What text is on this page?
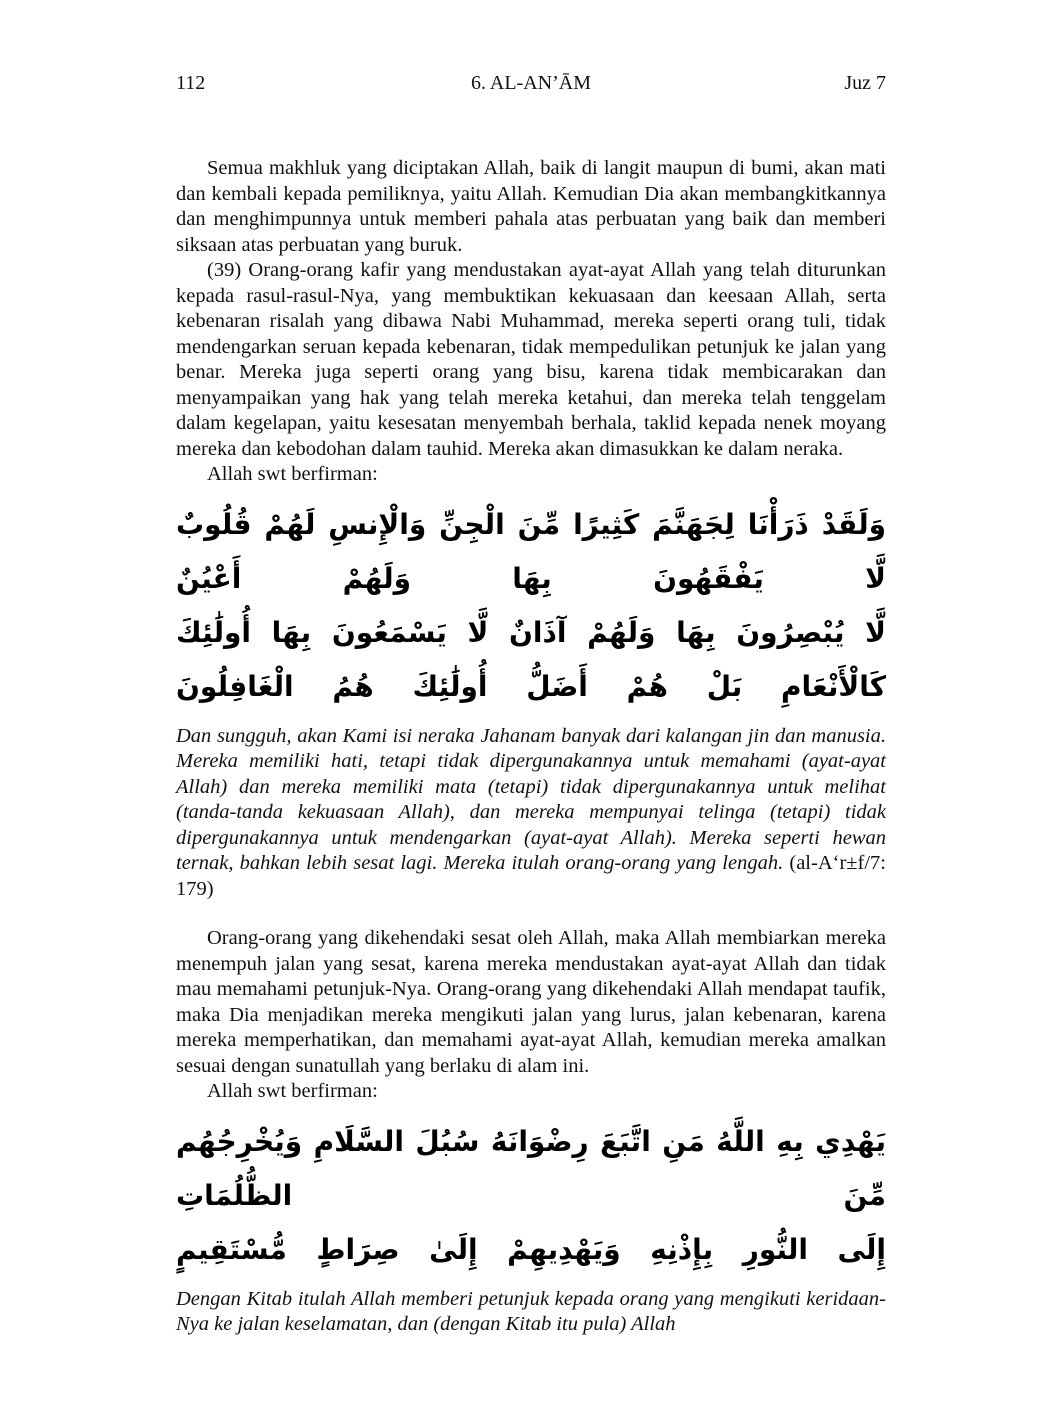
112	6. AL-AN’ĀM	Juz 7

Semua makhluk yang diciptakan Allah, baik di langit maupun di bumi, akan mati dan kembali kepada pemiliknya, yaitu Allah. Kemudian Dia akan membangkitkannya dan menghimpunnya untuk memberi pahala atas perbuatan yang baik dan memberi siksaan atas perbuatan yang buruk.

(39) Orang-orang kafir yang mendustakan ayat-ayat Allah yang telah diturunkan kepada rasul-rasul-Nya, yang membuktikan kekuasaan dan keesaan Allah, serta kebenaran risalah yang dibawa Nabi Muhammad, mereka seperti orang tuli, tidak mendengarkan seruan kepada kebenaran, tidak mempedulikan petunjuk ke jalan yang benar. Mereka juga seperti orang yang bisu, karena tidak membicarakan dan menyampaikan yang hak yang telah mereka ketahui, dan mereka telah tenggelam dalam kegelapan, yaitu kesesatan menyembah berhala, taklid kepada nenek moyang mereka dan kebodohan dalam tauhid. Mereka akan dimasukkan ke dalam neraka.

Allah swt berfirman:

وَلَقَدْ ذَرَأْنَا لِجَهَنَّمَ كَثِيرًا مِّنَ الْجِنِّ وَالْإِنسِ لَهُمْ قُلُوبٌ لَّا يَفْقَهُونَ بِهَا وَلَهُمْ أَعْيُنٌ
لَّا يُبْصِرُونَ بِهَا وَلَهُمْ آذَانٌ لَّا يَسْمَعُونَ بِهَا أُولَٰئِكَ كَالْأَنْعَامِ بَلْ هُمْ أَضَلُّ أُولَٰئِكَ هُمُ الْغَافِلُونَ

Dan sungguh, akan Kami isi neraka Jahanam banyak dari kalangan jin dan manusia. Mereka memiliki hati, tetapi tidak dipergunakannya untuk memahami (ayat-ayat Allah) dan mereka memiliki mata (tetapi) tidak dipergunakannya untuk melihat (tanda-tanda kekuasaan Allah), dan mereka mempunyai telinga (tetapi) tidak dipergunakannya untuk mendengarkan (ayat-ayat Allah). Mereka seperti hewan ternak, bahkan lebih sesat lagi. Mereka itulah orang-orang yang lengah. (al-A‘r±f/7: 179)

Orang-orang yang dikehendaki sesat oleh Allah, maka Allah membiarkan mereka menempuh jalan yang sesat, karena mereka mendustakan ayat-ayat Allah dan tidak mau memahami petunjuk-Nya. Orang-orang yang dikehendaki Allah mendapat taufik, maka Dia menjadikan mereka mengikuti jalan yang lurus, jalan kebenaran, karena mereka memperhatikan, dan memahami ayat-ayat Allah, kemudian mereka amalkan sesuai dengan sunatullah yang berlaku di alam ini.

Allah swt berfirman:

يَهْدِي بِهِ اللَّهُ مَنِ اتَّبَعَ رِضْوَانَهُ سُبُلَ السَّلَامِ وَيُخْرِجُهُم مِّنَ الظُّلُمَاتِ
إِلَى النُّورِ بِإِذْنِهِ وَيَهْدِيهِمْ إِلَىٰ صِرَاطٍ مُّسْتَقِيمٍ

Dengan Kitab itulah Allah memberi petunjuk kepada orang yang mengikuti keridaan-Nya ke jalan keselamatan, dan (dengan Kitab itu pula) Allah
